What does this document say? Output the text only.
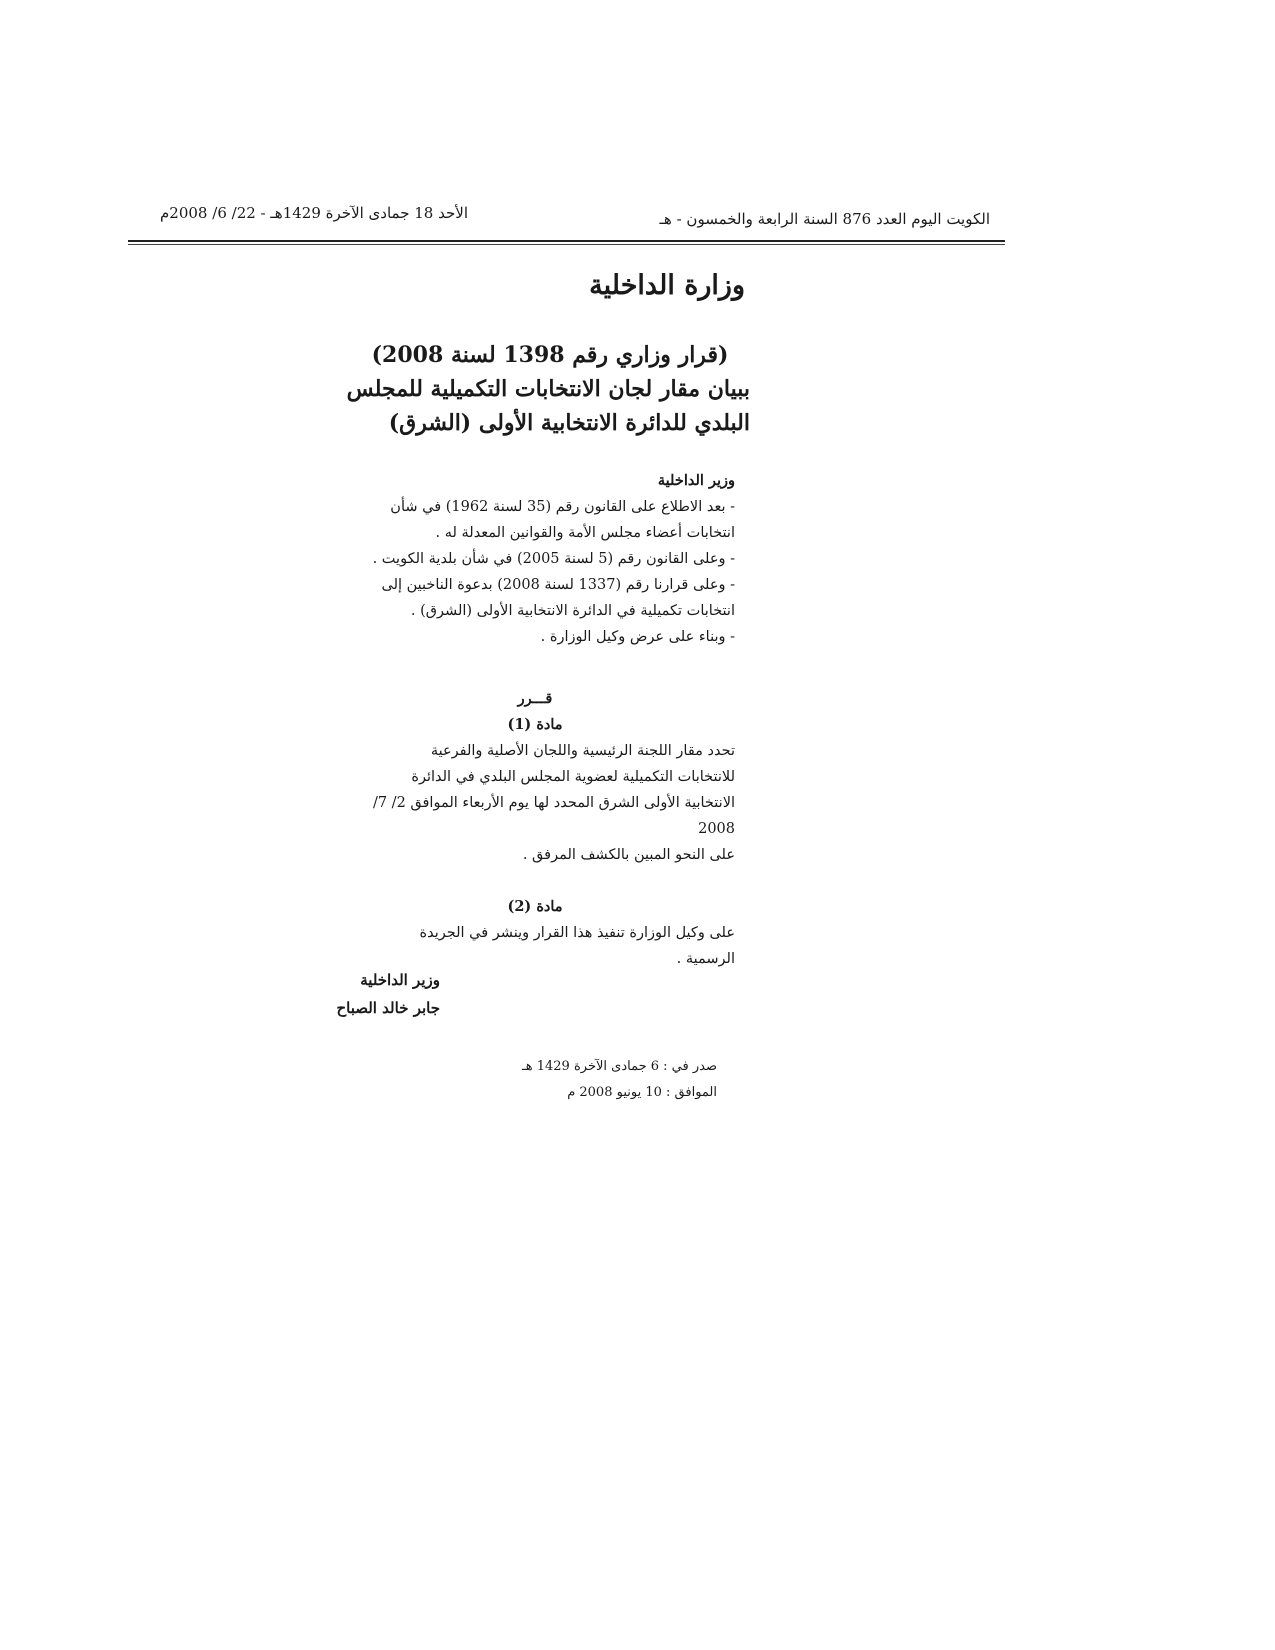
الكويت اليوم العدد 876 السنة الرابعة والخمسون - هـ
الأحد 18 جمادى الآخرة 1429هـ - 22/ 6/ 2008م
وزارة الداخلية
(قرار وزاري رقم 1398 لسنة 2008)
ببيان مقار لجان الانتخابات التكميلية للمجلس
البلدي للدائرة الانتخابية الأولى (الشرق)
وزير الداخلية
- بعد الاطلاع على القانون رقم (35 لسنة 1962) في شأن
انتخابات أعضاء مجلس الأمة والقوانين المعدلة له .
- وعلى القانون رقم (5 لسنة 2005) في شأن بلدية الكويت .
- وعلى قرارنا رقم (1337 لسنة 2008) بدعوة الناخبين إلى
انتخابات تكميلية في الدائرة الانتخابية الأولى (الشرق) .
- وبناء على عرض وكيل الوزارة .
قـــرر
مادة (1)
تحدد مقار اللجنة الرئيسية واللجان الأصلية والفرعية
للانتخابات التكميلية لعضوية المجلس البلدي في الدائرة
الانتخابية الأولى الشرق المحدد لها يوم الأربعاء الموافق 2/ 7/ 2008
على النحو المبين بالكشف المرفق .
مادة (2)
على وكيل الوزارة تنفيذ هذا القرار وينشر في الجريدة
الرسمية .
وزير الداخلية
جابر خالد الصباح
صدر في : 6 جمادى الآخرة 1429 هـ
الموافق : 10 يونيو 2008 م
